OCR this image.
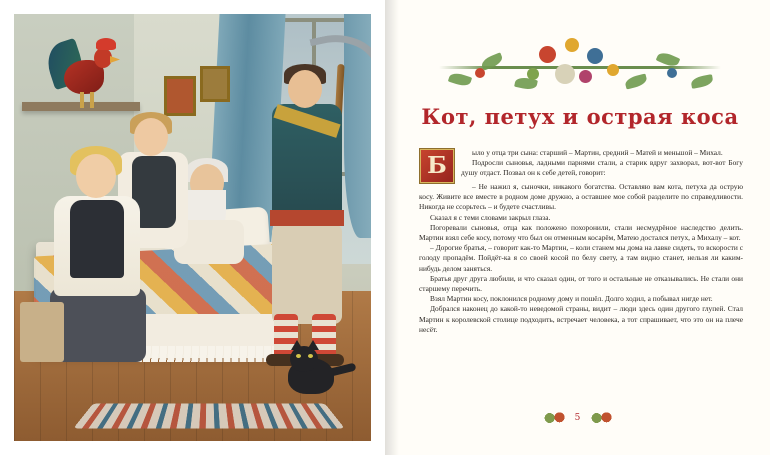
Кот, петух и острая коса
Б	ыло у отца три сына: старший – Мартин, средний – Матей и меньшой – Михал.

Подросли сыновья, ладными парнями стали, а старик вдруг захворал, вот-вот Богу душу отдаст. Позвал он к себе детей, говорит:

– Не нажил я, сыночки, никакого богатства. Оставляю вам кота, петуха да острую косу. Живите все вместе в родном доме дружно, а оставшее мое собой разделите по справедливости. Никогда не ссорьтесь – и будете счастливы.

Сказал я с теми словами закрыл глаза.

Погоревали сыновья, отца как положено похоронили, стали несмудрёное наследство делить. Мартин взял себе косу, потому что был он отменным косарём, Матею достался петух, а Михалу – кот.

– Дорогие братья, – говорит как-то Мартин, – коли станем мы дома на лавке сидеть, то вскорости с голоду пропадём. Пойдёт-ка я со своей косой по белу свету, а там видно станет, нельзя ли каким-нибудь делом заняться.

Братья друг друга любили, и что сказал один, от того и остальные не отказывались. Не стали они старшему перечить.

Взял Мартин косу, поклонился родному дому и пошёл. Долго ходил, а побывал нигде нет.

Добрался наконец до какой-то неведомой страны, видит – люди здесь один другого глупей. Стал Мартин к королевской столице подходить, встречает человека, а тот спрашивает, что это он на плече несёт.

5
